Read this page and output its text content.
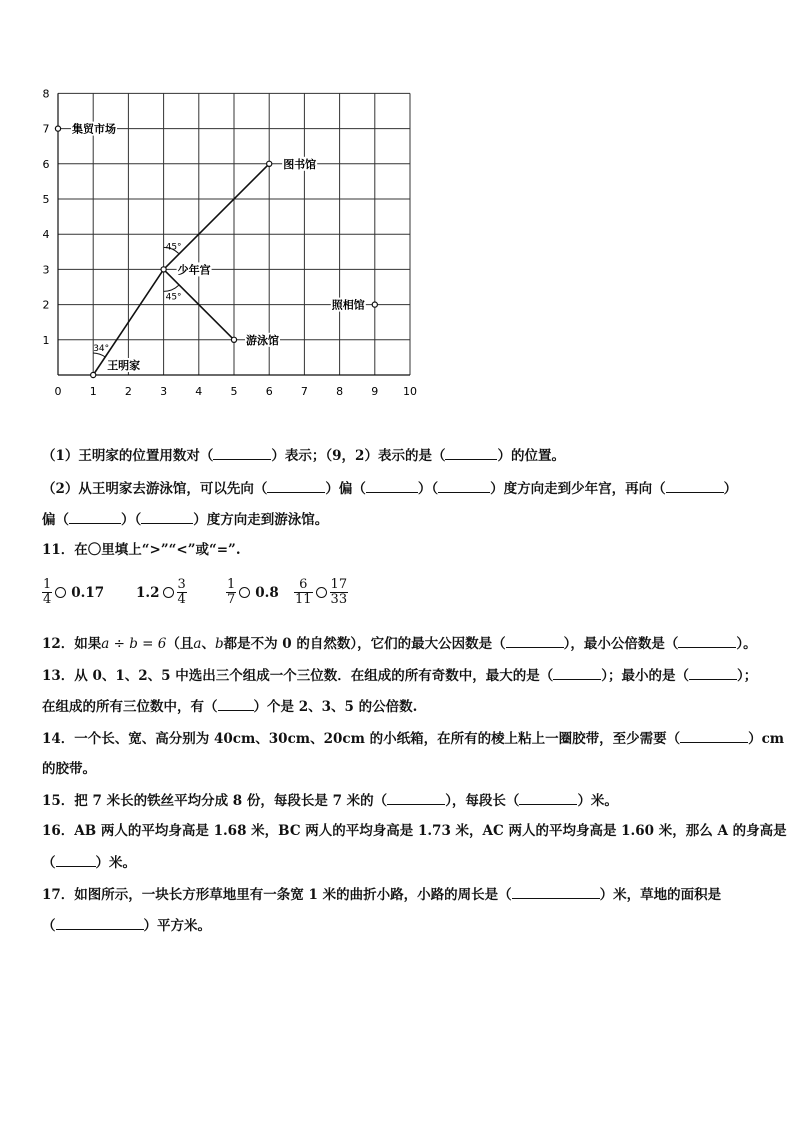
0	1	2	3	4	5	6	7	8	9 10
1
2
3
4
5
6
7
8
34°
45°
45°
集贸市场
图书馆
少年宫
照相馆
游泳馆
王明家
（1）王明家的位置用数对（	）表示；（9，2）表示的是（	）的位置。
（2）从王明家去游泳馆，可以先向（	）偏（	）（	）度方向走到少年宫，再向（	）
偏（	）（	）度方向走到游泳馆。
11．在〇里填上“>”“<”或“=”.
$\frac{1}{4} 0.17$ $1.2 \frac{3}{4}$	$\frac{1}{7} 0.8 \frac{6}{11} \frac{17}{33}$
12．如果a ÷ b = 6（且a、b都是不为 0 的自然数），它们的最大公因数是（	），最小公倍数是（	）。
13．从 0、1、2、5 中选出三个组成一个三位数．在组成的所有奇数中，最大的是（	）；最小的是（	）；
在组成的所有三位数中，有（	）个是 2、3、5 的公倍数.
14．一个长、宽、高分别为 40cm、30cm、20cm 的小纸箱，在所有的棱上粘上一圈胶带，至少需要（	）cm
的胶带。
15．把 7 米长的铁丝平均分成 8 份，每段长是 7 米的（	），每段长（	）米。
16．AB 两人的平均身高是 1.68 米，BC 两人的平均身高是 1.73 米，AC 两人的平均身高是 1.60 米，那么 A 的身高是
（	）米。
17．如图所示，一块长方形草地里有一条宽 1 米的曲折小路，小路的周长是（	）米，草地的面积是
（	）平方米。
